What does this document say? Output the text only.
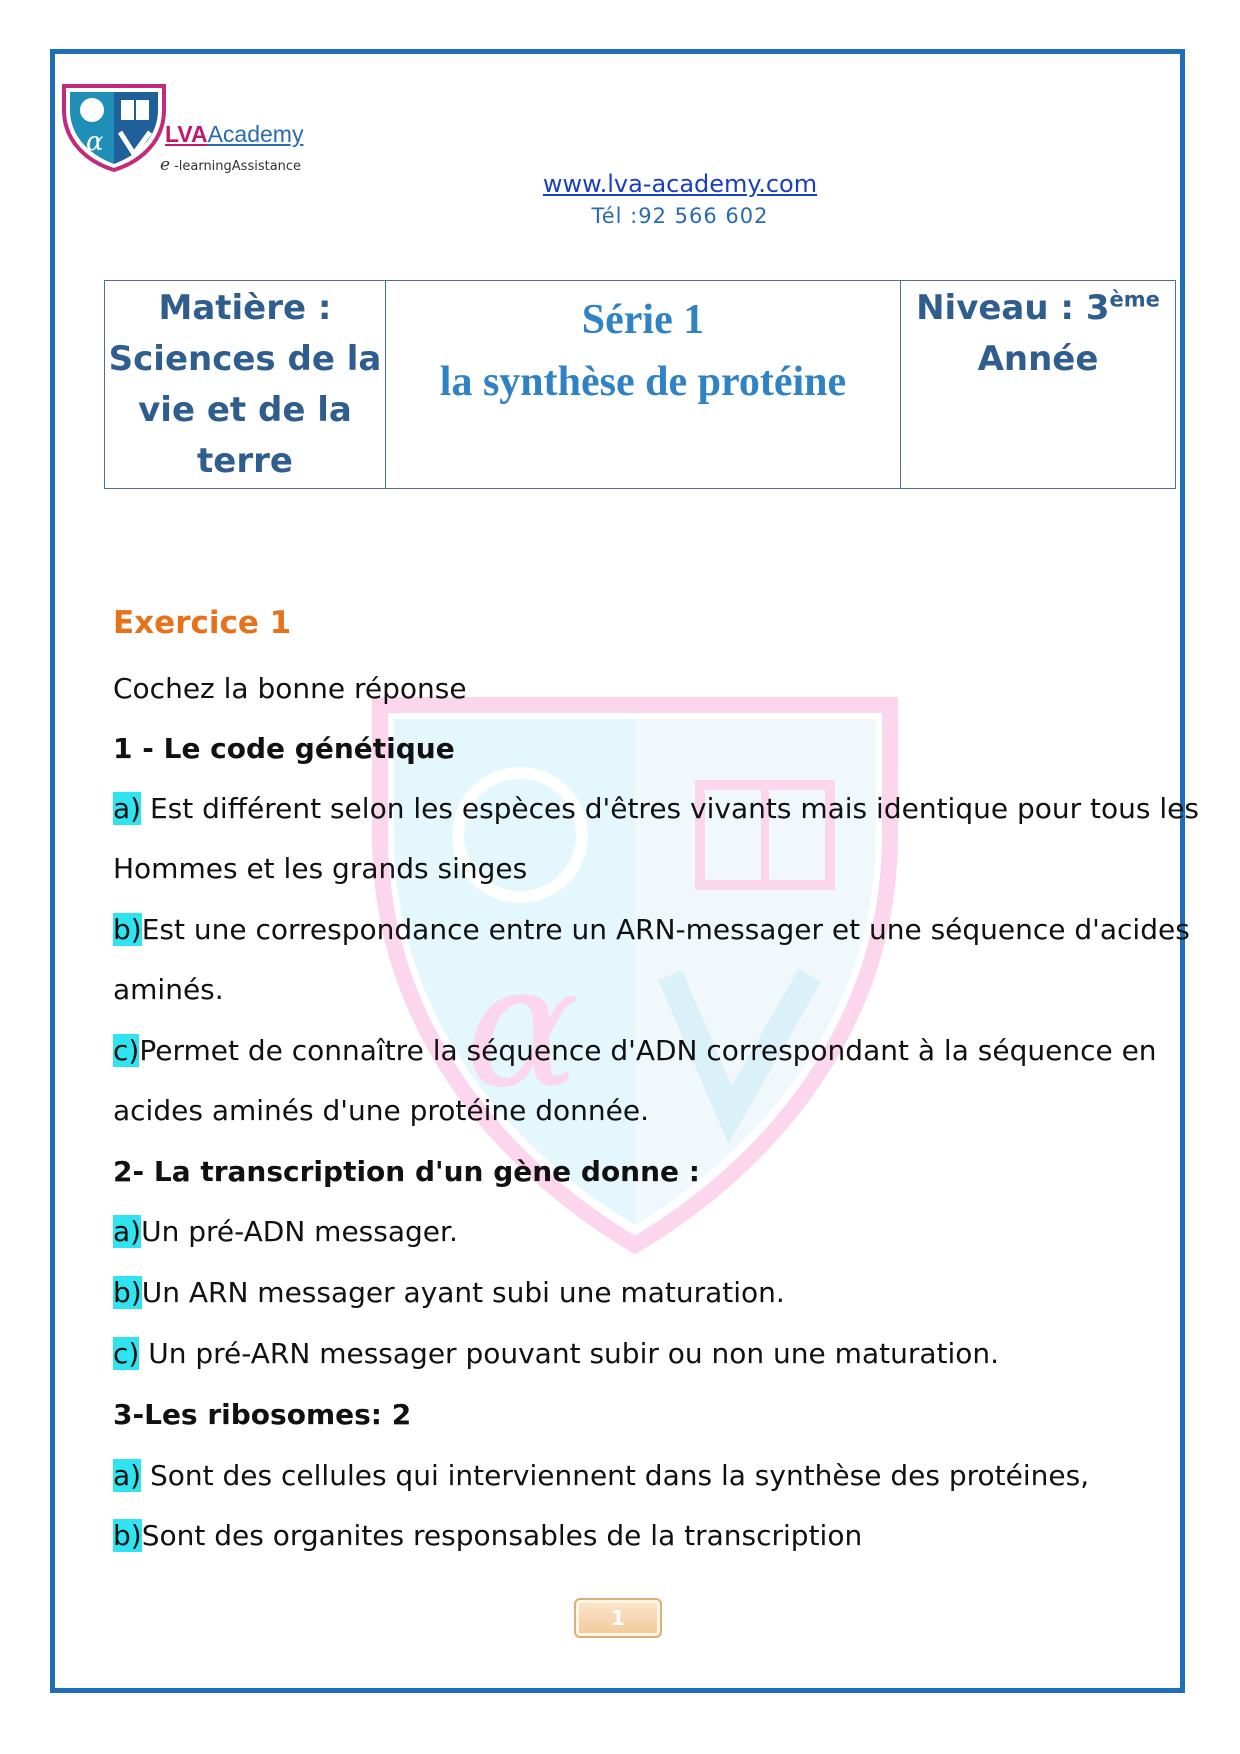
α	LVAAcademy
e -learningAssistance
www.lva-academy.com
Tél :92 566 602
Matière :
Sciences de la
vie et de la
terre

Série 1
la synthèse de protéine

Niveau : 3ème
Année
α
Exercice 1
Cochez la bonne réponse
1 - Le code génétique
a) Est différent selon les espèces d'êtres vivants mais identique pour tous les
Hommes et les grands singes
b)Est une correspondance entre un ARN-messager et une séquence d'acides
aminés.
c)Permet de connaître la séquence d'ADN correspondant à la séquence en
acides aminés d'une protéine donnée.
2- La transcription d'un gène donne :
a)Un pré-ADN messager.
b)Un ARN messager ayant subi une maturation.
c) Un pré-ARN messager pouvant subir ou non une maturation.
3-Les ribosomes: 2
a) Sont des cellules qui interviennent dans la synthèse des protéines,
b)Sont des organites responsables de la transcription
1
